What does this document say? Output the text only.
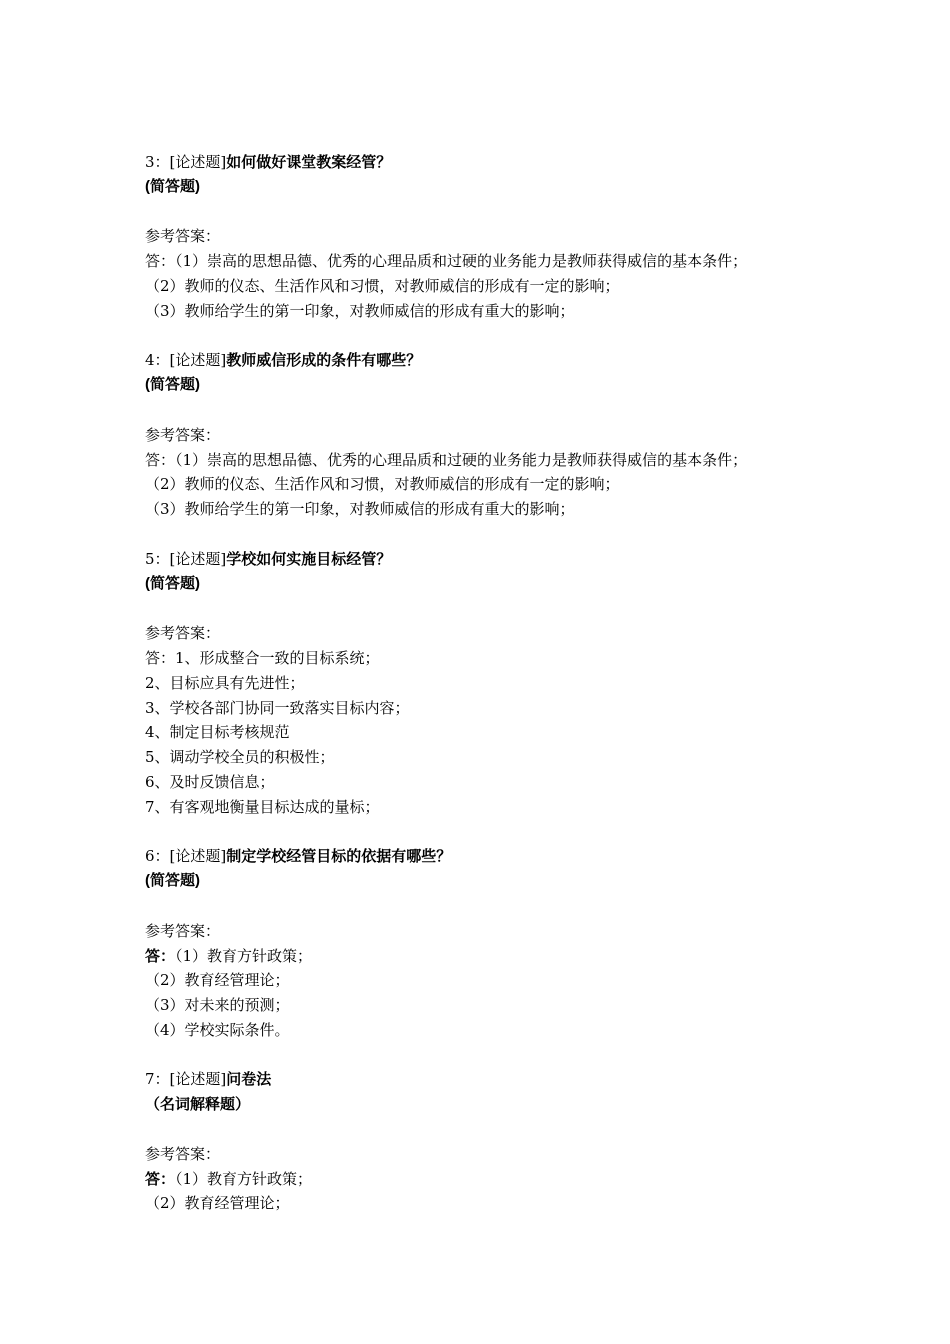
3：[论述题]如何做好课堂教案经管？
(简答题)
参考答案：
答：（1）崇高的思想品德、优秀的心理品质和过硬的业务能力是教师获得威信的基本条件；
（2）教师的仪态、生活作风和习惯，对教师威信的形成有一定的影响；
（3）教师给学生的第一印象，对教师威信的形成有重大的影响；
4：[论述题]教师威信形成的条件有哪些？
(简答题)
参考答案：
答：（1）崇高的思想品德、优秀的心理品质和过硬的业务能力是教师获得威信的基本条件；
（2）教师的仪态、生活作风和习惯，对教师威信的形成有一定的影响；
（3）教师给学生的第一印象，对教师威信的形成有重大的影响；
5：[论述题]学校如何实施目标经管？
(简答题)
参考答案：
答：1、形成整合一致的目标系统；
2、目标应具有先进性；
3、学校各部门协同一致落实目标内容；
4、制定目标考核规范
5、调动学校全员的积极性；
6、及时反馈信息；
7、有客观地衡量目标达成的量标；
6：[论述题]制定学校经管目标的依据有哪些？
(简答题)
参考答案：
答：（1）教育方针政策；
（2）教育经管理论；
（3）对未来的预测；
（4）学校实际条件。
7：[论述题]问卷法
（名词解释题）
参考答案：
答：（1）教育方针政策；
（2）教育经管理论；
